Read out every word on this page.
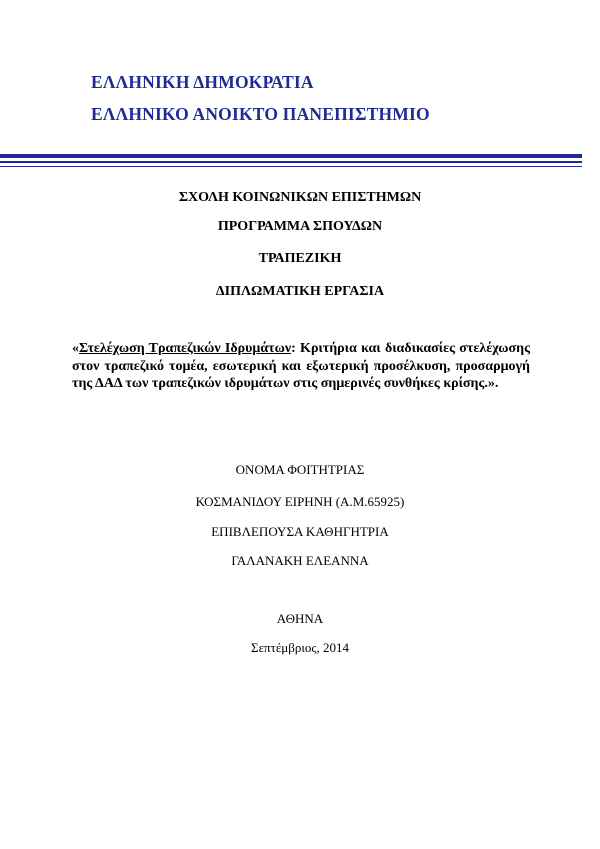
ΕΛΛΗΝΙΚΗ ΔΗΜΟΚΡΑΤΙΑ
ΕΛΛΗΝΙΚΟ ΑΝΟΙΚΤΟ ΠΑΝΕΠΙΣΤΗΜΙΟ
ΣΧΟΛΗ ΚΟΙΝΩΝΙΚΩΝ ΕΠΙΣΤΗΜΩΝ
ΠΡΟΓΡΑΜΜΑ ΣΠΟΥΔΩΝ
ΤΡΑΠΕΖΙΚΗ
ΔΙΠΛΩΜΑΤΙΚΗ ΕΡΓΑΣΙΑ
«Στελέχωση Τραπεζικών Ιδρυμάτων: Κριτήρια και διαδικασίες στελέχωσης στον τραπεζικό τομέα, εσωτερική και εξωτερική προσέλκυση, προσαρμογή της ΔΑΔ των τραπεζικών ιδρυμάτων στις σημερινές συνθήκες κρίσης.».
ΟΝΟΜΑ ΦΟΙΤΗΤΡΙΑΣ
ΚΟΣΜΑΝΙΔΟΥ ΕΙΡΗΝΗ (Α.Μ.65925)
ΕΠΙΒΛΕΠΟΥΣΑ ΚΑΘΗΓΗΤΡΙΑ
ΓΑΛΑΝΑΚΗ ΕΛΕΑΝΝΑ
ΑΘΗΝΑ
Σεπτέμβριος, 2014
